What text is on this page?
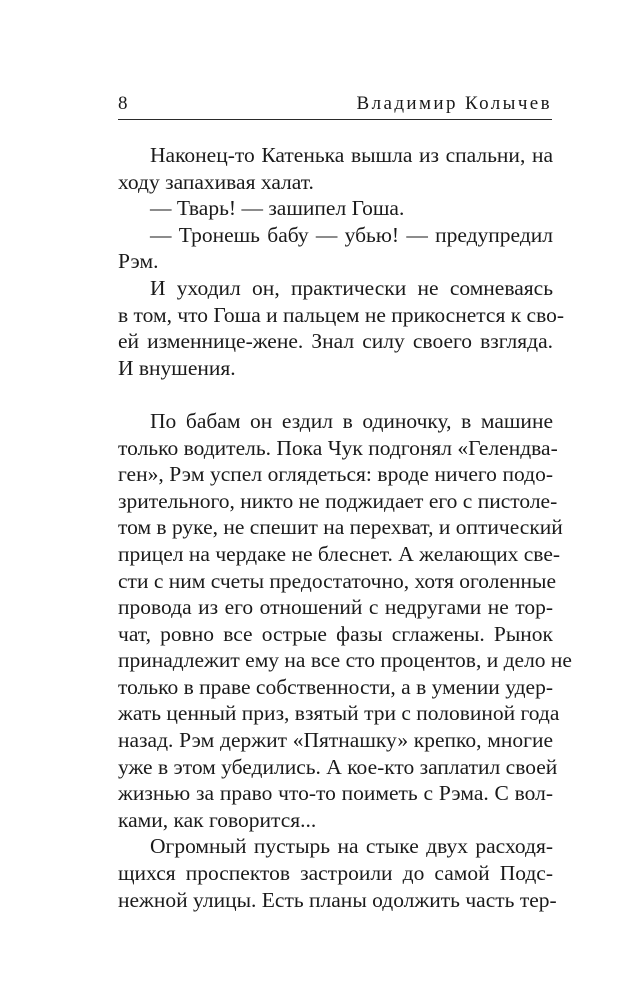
8	Владимир Колычев
Наконец-то Катенька вышла из спальни, на
ходу запахивая халат.
— Тварь! — зашипел Гоша.
— Тронешь бабу — убью! — предупредил
Рэм.
И уходил он, практически не сомневаясь
в том, что Гоша и пальцем не прикоснется к сво-
ей изменнице-жене. Знал силу своего взгляда.
И внушения.
По бабам он ездил в одиночку, в машине
только водитель. Пока Чук подгонял «Гелендва-
ген», Рэм успел оглядеться: вроде ничего подо-
зрительного, никто не поджидает его с пистоле-
том в руке, не спешит на перехват, и оптический
прицел на чердаке не блеснет. А желающих све-
сти с ним счеты предостаточно, хотя оголенные
провода из его отношений с недругами не тор-
чат, ровно все острые фазы сглажены. Рынок
принадлежит ему на все сто процентов, и дело не
только в праве собственности, а в умении удер-
жать ценный приз, взятый три с половиной года
назад. Рэм держит «Пятнашку» крепко, многие
уже в этом убедились. А кое-кто заплатил своей
жизнью за право что-то поиметь с Рэма. С вол-
ками, как говорится...
Огромный пустырь на стыке двух расходя-
щихся проспектов застроили до самой Подс-
нежной улицы. Есть планы одолжить часть тер-
